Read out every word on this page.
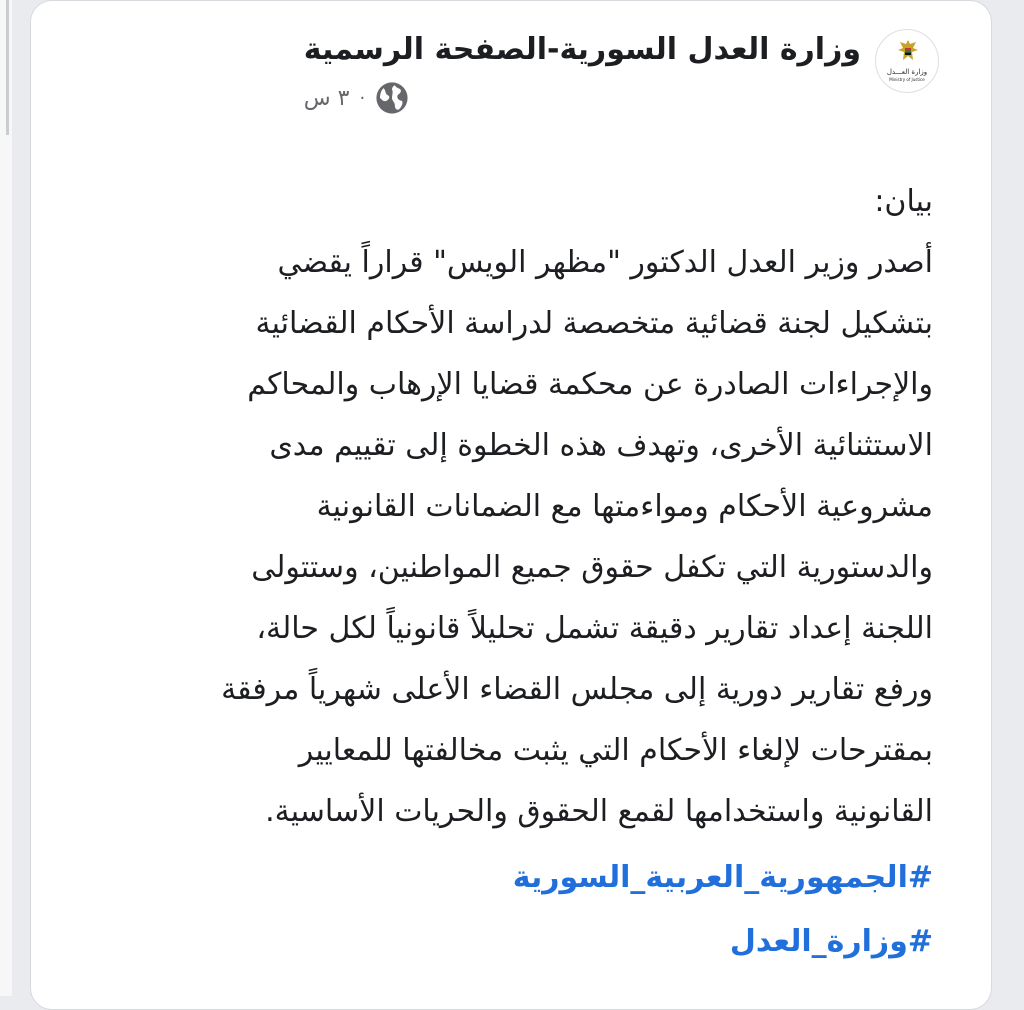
وزارة العـــدل
Ministry of Justice
وزارة العدل السورية-الصفحة الرسمية
٣ س ·

بيان:

أصدر وزير العدل الدكتور "مظهر الويس" قراراً يقضي

بتشكيل لجنة قضائية متخصصة لدراسة الأحكام القضائية

والإجراءات الصادرة عن محكمة قضايا الإرهاب والمحاكم

الاستثنائية الأخرى، وتهدف هذه الخطوة إلى تقييم مدى

مشروعية الأحكام ومواءمتها مع الضمانات القانونية

والدستورية التي تكفل حقوق جميع المواطنين، وستتولى

اللجنة إعداد تقارير دقيقة تشمل تحليلاً قانونياً لكل حالة،

ورفع تقارير دورية إلى مجلس القضاء الأعلى شهرياً مرفقة

بمقترحات لإلغاء الأحكام التي يثبت مخالفتها للمعايير

القانونية واستخدامها لقمع الحقوق والحريات الأساسية.

#الجمهورية_العربية_السورية
#وزارة_العدل
